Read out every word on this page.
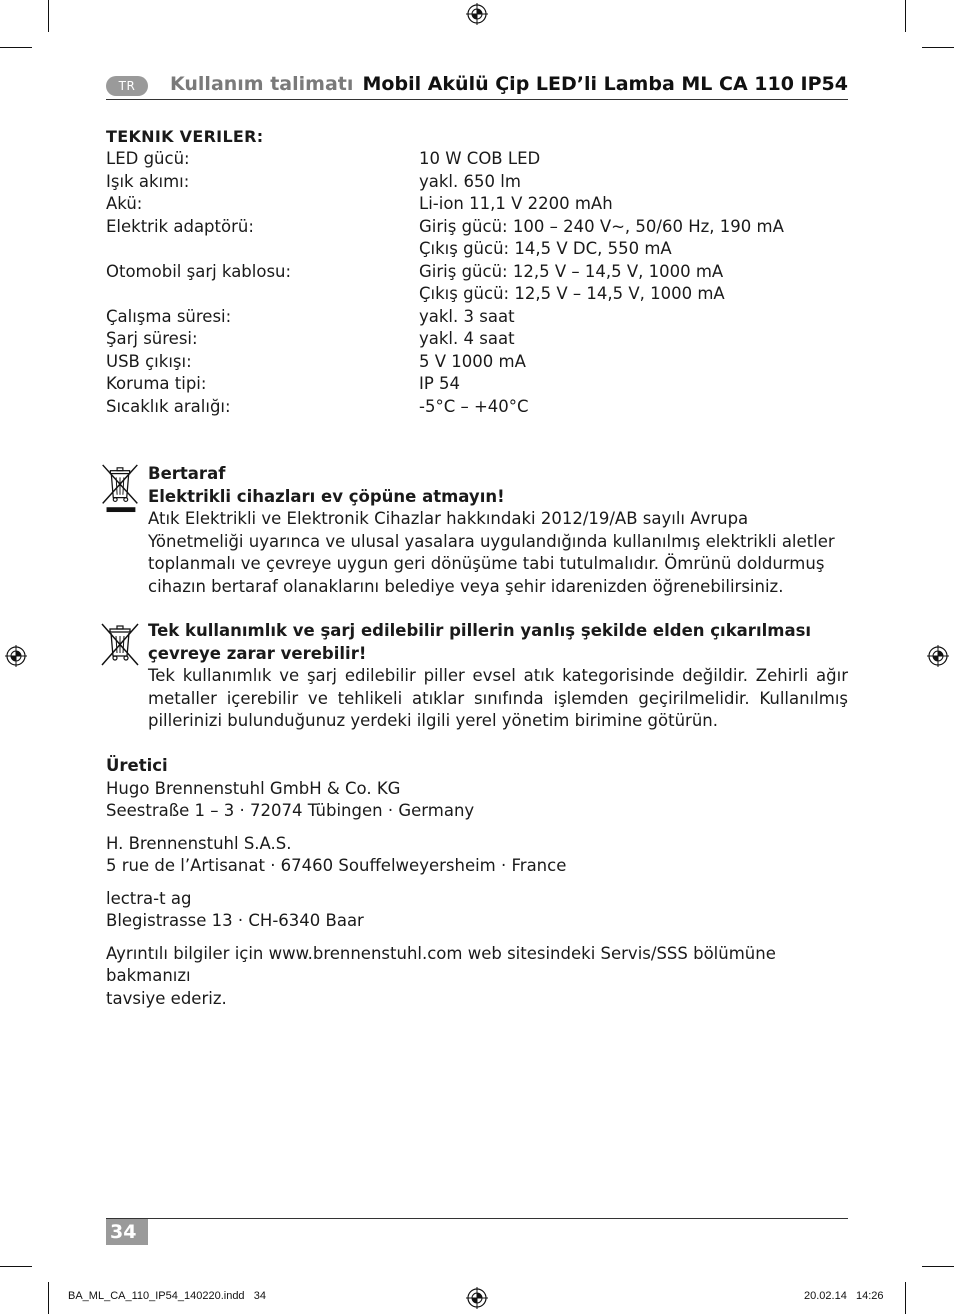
TR	Kullanım talimatı Mobil Akülü Çip LED’li Lamba ML CA 110 IP54
TEKNIK VERILER:
LED gücü:	10 W COB LED
Işık akımı:	yakl. 650 lm
Akü:	Li-ion 11,1 V 2200 mAh
Elektrik adaptörü:	Giriş gücü: 100 – 240 V~, 50/60 Hz, 190 mA
Çıkış gücü: 14,5 V DC, 550 mA
Otomobil şarj kablosu:	Giriş gücü: 12,5 V – 14,5 V, 1000 mA
Çıkış gücü: 12,5 V – 14,5 V, 1000 mA
Çalışma süresi:	yakl. 3 saat
Şarj süresi:	yakl. 4 saat
USB çıkışı:	5 V 1000 mA
Koruma tipi:	IP 54
Sıcaklık aralığı:	-5°C – +40°C

Bertaraf

Elektrikli cihazları ev çöpüne atmayın!

Atık Elektrikli ve Elektronik Cihazlar hakkındaki 2012/19/AB sayılı Avrupa Yönetmeliği uyarınca ve ulusal yasalara uygulandığında kullanılmış elektrikli aletler toplanmalı ve çevreye uygun geri dönüşüme tabi tutulmalıdır. Ömrünü doldurmuş cihazın bertaraf olanaklarını belediye veya şehir idarenizden öğrenebilirsiniz.

Tek kullanımlık ve şarj edilebilir pillerin yanlış şekilde elden çıkarılması çevreye zarar verebilir!

Tek kullanımlık ve şarj edilebilir piller evsel atık kategorisinde değildir. Zehirli ağır metaller içerebilir ve tehlikeli atıklar sınıfında işlemden geçirilmelidir. Kullanılmış pillerinizi bulunduğunuz yerdeki ilgili yerel yönetim birimine götürün.

Üretici

Hugo Brennenstuhl GmbH & Co. KG

Seestraße 1 – 3 · 72074 Tübingen · Germany

H. Brennenstuhl S.A.S.

5 rue de l’Artisanat · 67460 Souffelweyersheim · France

lectra-t ag

Blegistrasse 13 · CH-6340 Baar

Ayrıntılı bilgiler için www.brennenstuhl.com web sitesindeki Servis/SSS bölümüne bakmanızı

tavsiye ederiz.

34
BA_ML_CA_110_IP54_140220.indd   34	20.02.14   14:26
